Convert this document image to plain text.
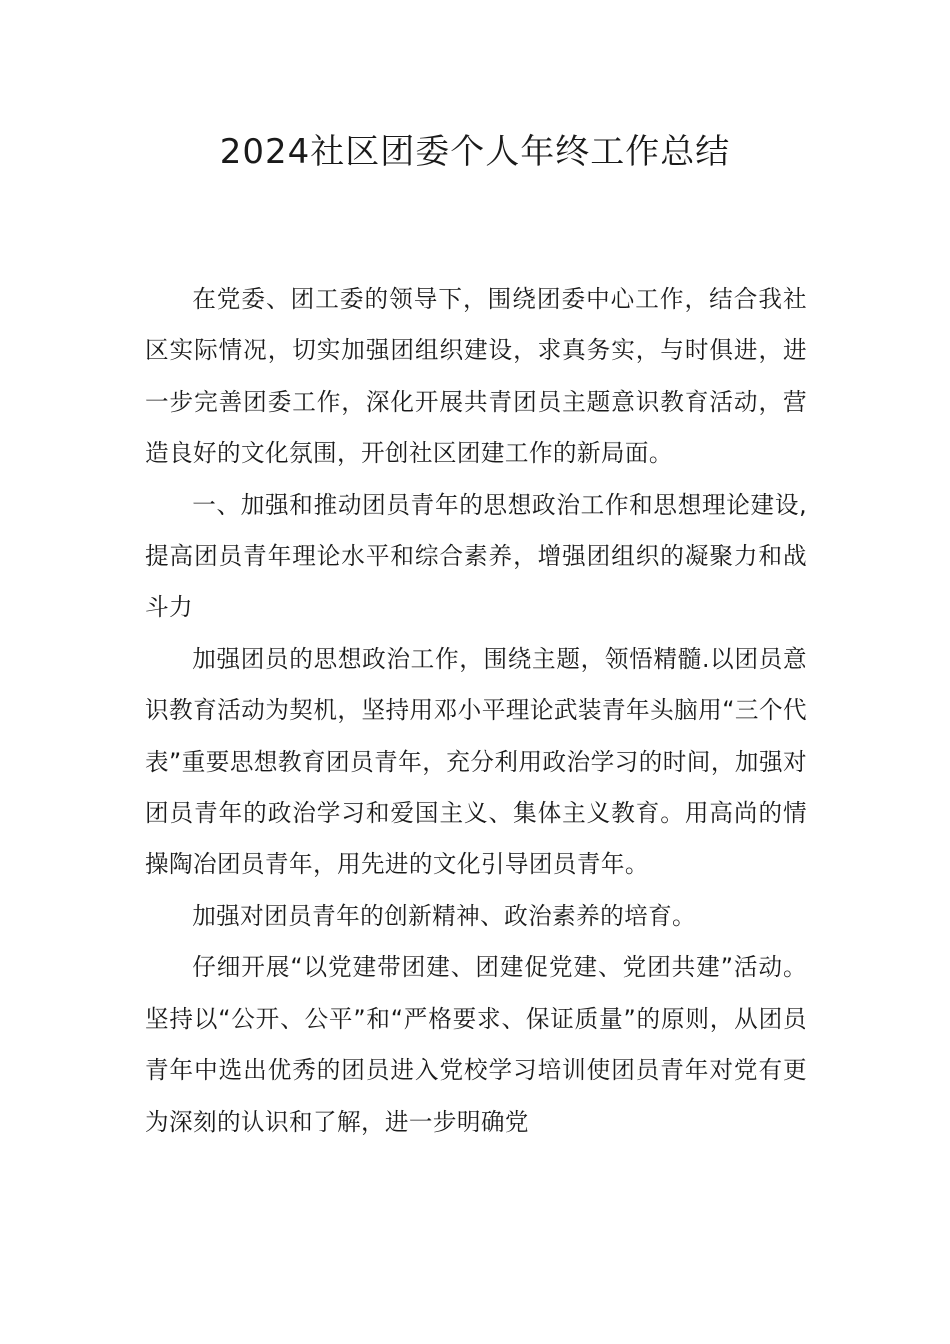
2024社区团委个人年终工作总结

在党委、团工委的领导下，围绕团委中心工作，结合我社区实际情况，切实加强团组织建设，求真务实，与时俱进，进一步完善团委工作，深化开展共青团员主题意识教育活动，营造良好的文化氛围，开创社区团建工作的新局面。

一、加强和推动团员青年的思想政治工作和思想理论建设,提高团员青年理论水平和综合素养，增强团组织的凝聚力和战斗力

加强团员的思想政治工作，围绕主题，领悟精髓.以团员意识教育活动为契机，坚持用邓小平理论武装青年头脑用“三个代表”重要思想教育团员青年，充分利用政治学习的时间，加强对团员青年的政治学习和爱国主义、集体主义教育。用高尚的情操陶冶团员青年，用先进的文化引导团员青年。

加强对团员青年的创新精神、政治素养的培育。

仔细开展“以党建带团建、团建促党建、党团共建”活动。坚持以“公开、公平”和“严格要求、保证质量”的原则，从团员青年中选出优秀的团员进入党校学习培训使团员青年对党有更为深刻的认识和了解，进一步明确党
